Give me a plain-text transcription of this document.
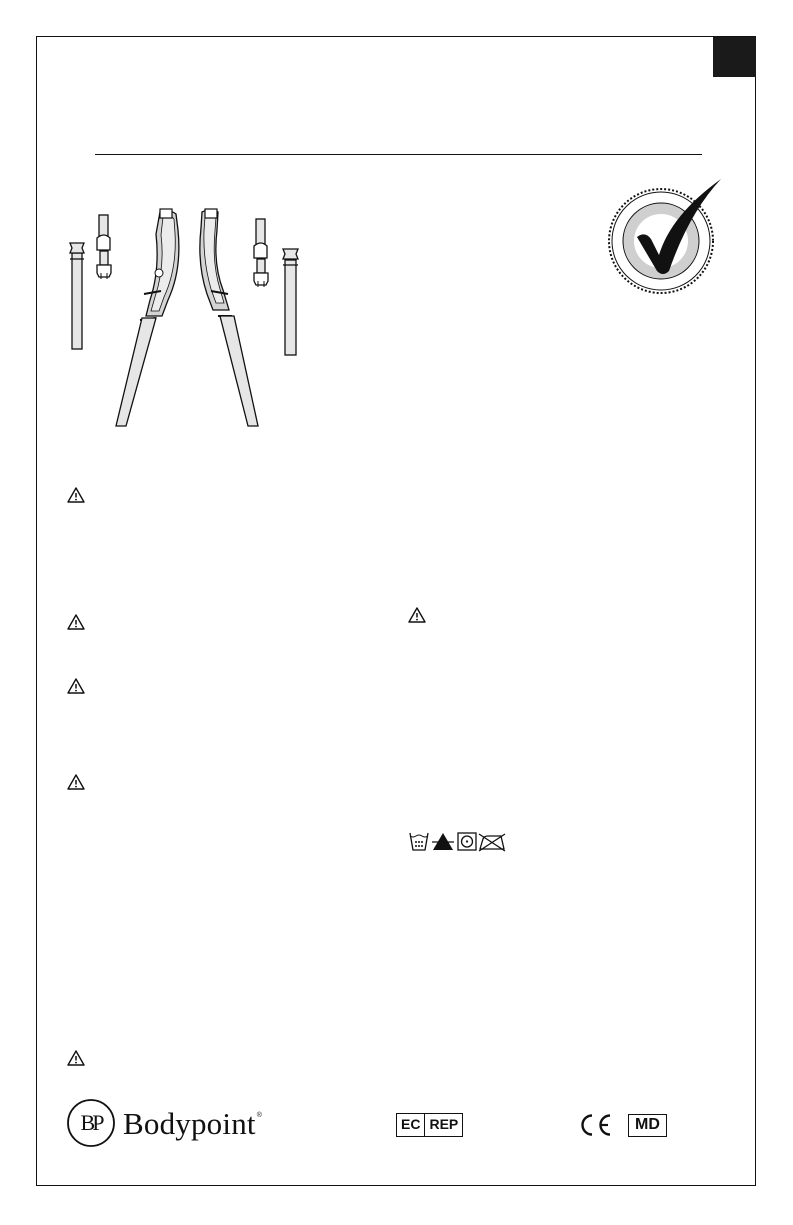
BP Bodypoint®
EC REP	MD
